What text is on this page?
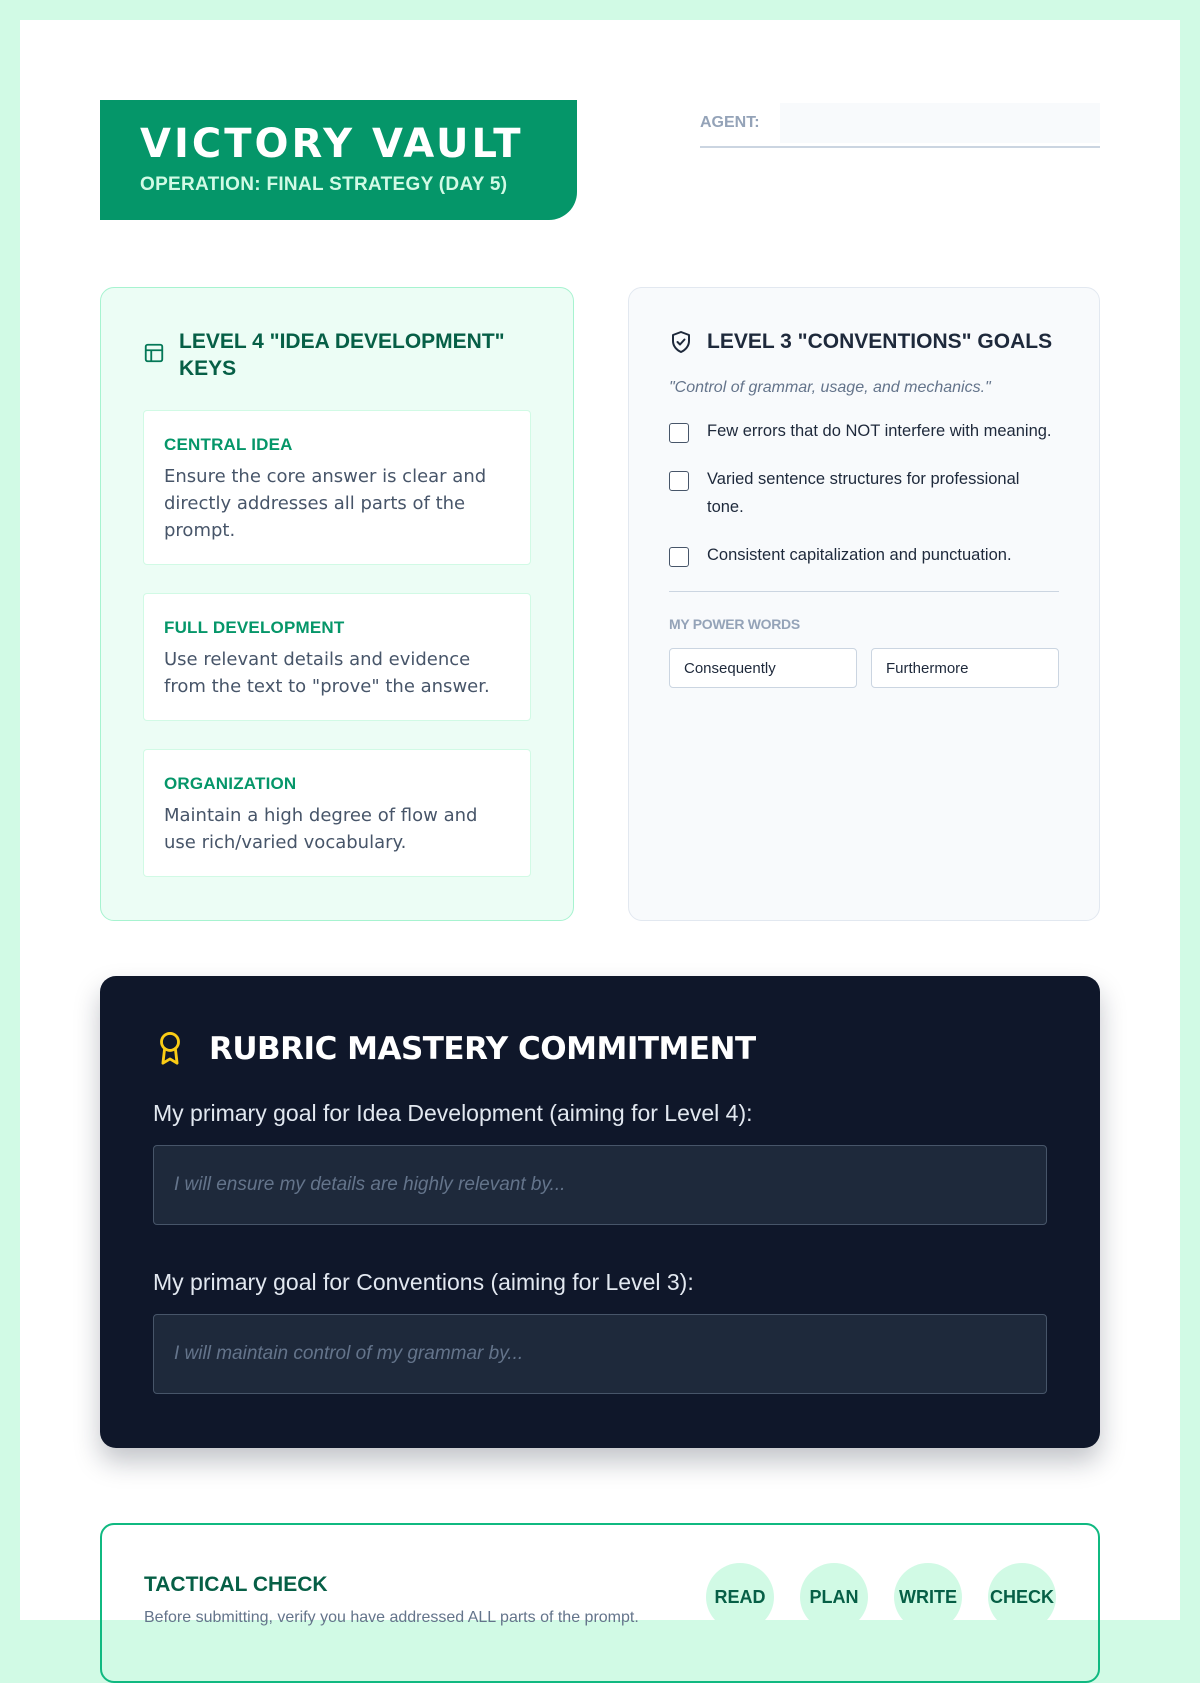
VICTORY VAULT
OPERATION: FINAL STRATEGY (DAY 5)
AGENT:
LEVEL 4 "IDEA DEVELOPMENT" KEYS
CENTRAL IDEA
Ensure the core answer is clear and directly addresses all parts of the prompt.
FULL DEVELOPMENT
Use relevant details and evidence from the text to "prove" the answer.
ORGANIZATION
Maintain a high degree of flow and use rich/varied vocabulary.
LEVEL 3 "CONVENTIONS" GOALS
"Control of grammar, usage, and mechanics."
Few errors that do NOT interfere with meaning.
Varied sentence structures for professional tone.
Consistent capitalization and punctuation.
MY POWER WORDS
Consequently
Furthermore
RUBRIC MASTERY COMMITMENT
My primary goal for Idea Development (aiming for Level 4):
I will ensure my details are highly relevant by...
My primary goal for Conventions (aiming for Level 3):
I will maintain control of my grammar by...
TACTICAL CHECK
Before submitting, verify you have addressed ALL parts of the prompt.
READ	PLAN	WRITE CHECK
